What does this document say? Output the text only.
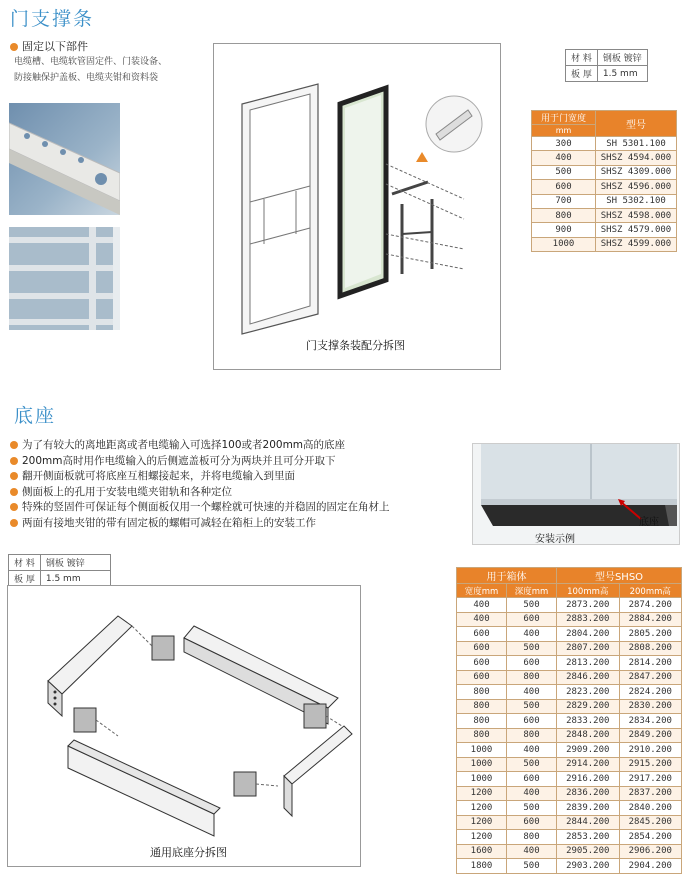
门支撑条
固定以下部件
电缆槽、电缆软管固定件、门装设备、
防接触保护盖板、电缆夹钳和资料袋
门支撑条装配分拆图
材 料	钢板 镀锌
板 厚	1.5 mm
用于门宽度	型号
mm	
300	SH 5301.100
400	SHSZ 4594.000
500	SHSZ 4309.000
600	SHSZ 4596.000
700	SH 5302.100
800	SHSZ 4598.000
900	SHSZ 4579.000
1000	SHSZ 4599.000
底座
为了有较大的离地距离或者电缆输入可选择100或者200mm高的底座
200mm高时用作电缆输入的后侧遮盖板可分为两块并且可分开取下
翻开侧面板就可将底座互相螺接起来，并将电缆输入到里面
侧面板上的孔用于安装电缆夹钳轨和各种定位
特殊的竖固件可保证每个侧面板仅用一个螺栓就可快速的并稳固的固定在角材上
两面有接地夹钳的带有固定板的螺帽可减轻在箱柜上的安装工作
材 料	钢板 镀锌
板 厚	1.5 mm
底座
安装示例
通用底座分拆图
用于箱体		型号SHSO	
宽度mm	深度mm	100mm高	200mm高
400	500	2873.200	2874.200
400	600	2883.200	2884.200
600	400	2804.200	2805.200
600	500	2807.200	2808.200
600	600	2813.200	2814.200
600	800	2846.200	2847.200
800	400	2823.200	2824.200
800	500	2829.200	2830.200
800	600	2833.200	2834.200
800	800	2848.200	2849.200
1000	400	2909.200	2910.200
1000	500	2914.200	2915.200
1000	600	2916.200	2917.200
1200	400	2836.200	2837.200
1200	500	2839.200	2840.200
1200	600	2844.200	2845.200
1200	800	2853.200	2854.200
1600	400	2905.200	2906.200
1800	500	2903.200	2904.200
